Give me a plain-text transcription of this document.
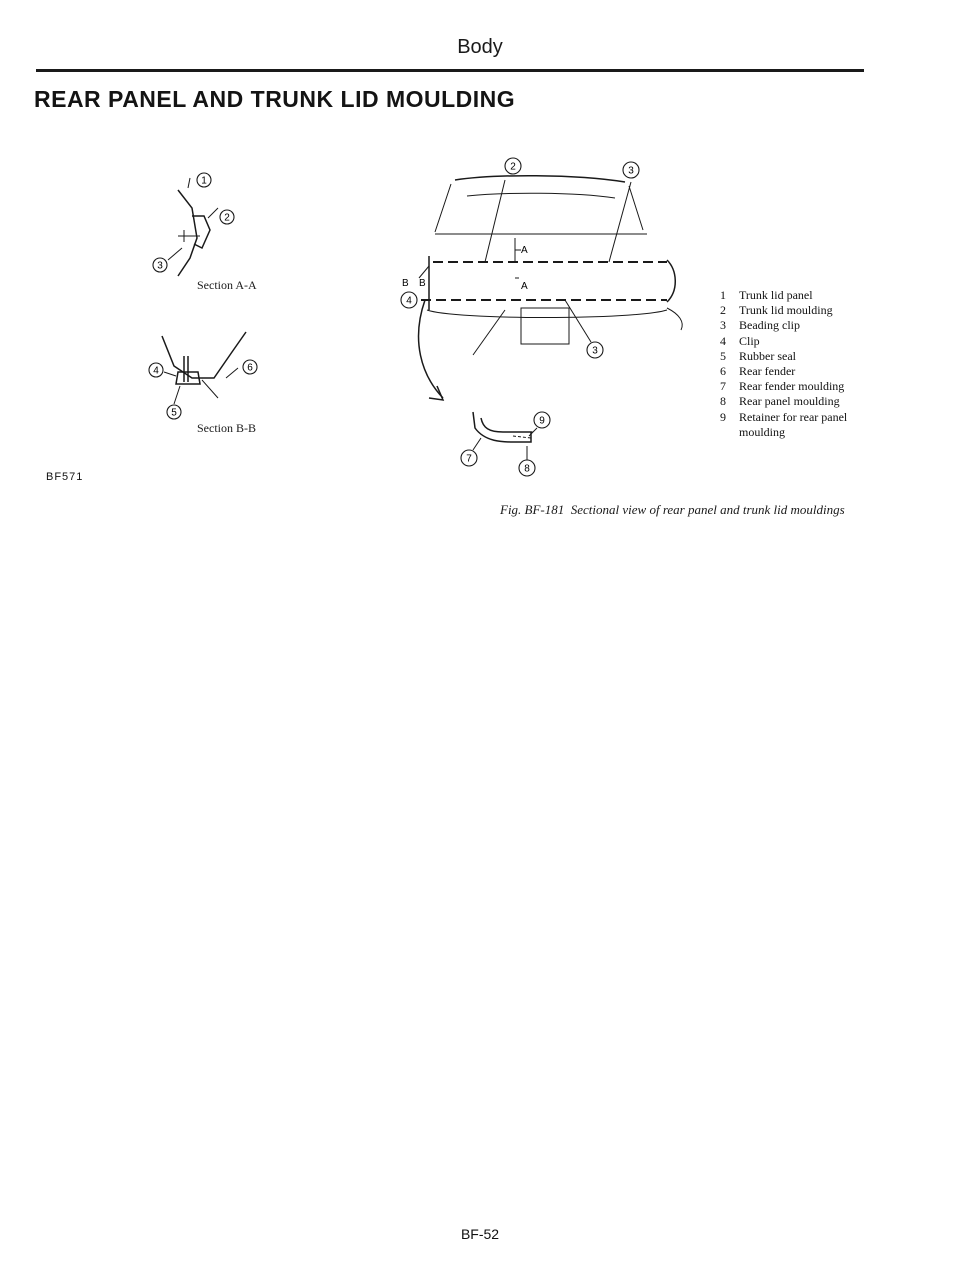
Body
REAR PANEL AND TRUNK LID MOULDING
1
2
3
Section A-A
4	6
5
Section B-B
BF571
A
A
B B
2	3
4
3
9
7
8
1	Trunk lid panel
2	Trunk lid moulding
3	Beading clip
4	Clip
5	Rubber seal
6	Rear fender
7	Rear fender moulding
8	Rear panel moulding
9	Retainer for rear panel moulding
Fig. BF-181 Sectional view of rear panel and trunk lid mouldings
BF-52
